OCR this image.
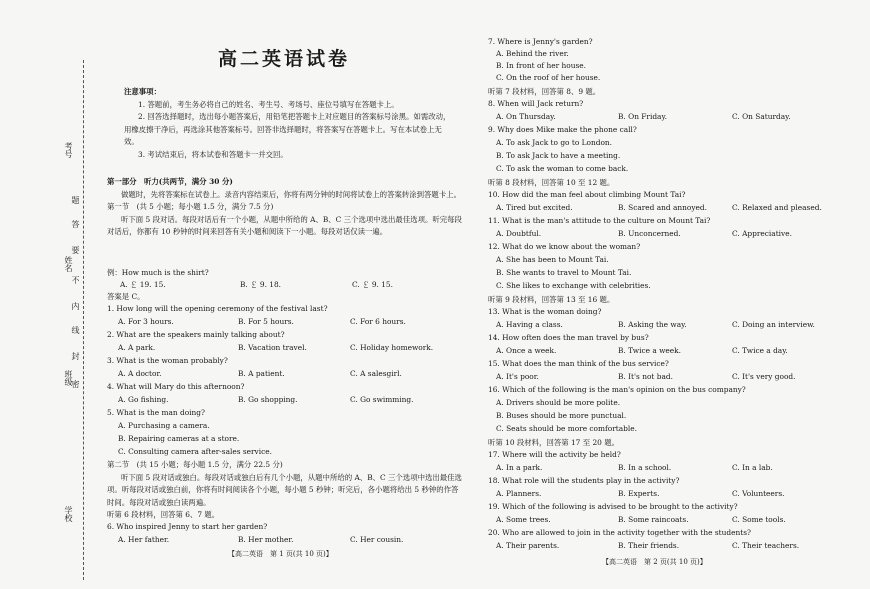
考号
姓名
班级
学校
题
答
要
不
内
线
封
密
高二英语试卷
注意事项：

1. 答题前，考生务必将自己的姓名、考生号、考场号、座位号填写在答题卡上。

2. 回答选择题时，选出每小题答案后，用铅笔把答题卡上对应题目的答案标号涂黑。如需改动，用橡皮擦干净后，再选涂其他答案标号。回答非选择题时，将答案写在答题卡上。写在本试卷上无效。

3. 考试结束后，将本试卷和答题卡一并交回。

第一部分　听力(共两节，满分 30 分)

做题时，先将答案标在试卷上。录音内容结束后，你将有两分钟的时间将试卷上的答案转涂到答题卡上。

第一节　(共 5 小题；每小题 1.5 分，满分 7.5 分)

听下面 5 段对话。每段对话后有一个小题，从题中所给的 A、B、C 三个选项中选出最佳选项。听完每段对话后，你都有 10 秒钟的时间来回答有关小题和阅读下一小题。每段对话仅读一遍。

例：How much is the shirt?
A. ￡ 19. 15.	B. ￡ 9. 18.	C. ￡ 9. 15.
答案是 C。
1. How long will the opening ceremony of the festival last?
A. For 3 hours.	B. For 5 hours.	C. For 6 hours.
2. What are the speakers mainly talking about?
A. A park.	B. Vacation travel.	C. Holiday homework.
3. What is the woman probably?
A. A doctor.	B. A patient.	C. A salesgirl.
4. What will Mary do this afternoon?
A. Go fishing.	B. Go shopping.	C. Go swimming.
5. What is the man doing?
A. Purchasing a camera.
B. Repairing cameras at a store.
C. Consulting camera after-sales service.

第二节　(共 15 小题；每小题 1.5 分，满分 22.5 分)

听下面 5 段对话或独白。每段对话或独白后有几个小题，从题中所给的 A、B、C 三个选项中选出最佳选项。听每段对话或独白前，你将有时间阅读各个小题，每小题 5 秒钟；听完后，各小题将给出 5 秒钟的作答时间。每段对话或独白读两遍。

听第 6 段材料，回答第 6、7 题。

6. Who inspired Jenny to start her garden?
A. Her father.	B. Her mother.	C. Her cousin.
【高二英语　第 1 页(共 10 页)】
7. Where is Jenny's garden?
A. Behind the river.
B. In front of her house.
C. On the roof of her house.
听第 7 段材料，回答第 8、9 题。
8. When will Jack return?
A. On Thursday.	B. On Friday.	C. On Saturday.
9. Why does Mike make the phone call?
A. To ask Jack to go to London.
B. To ask Jack to have a meeting.
C. To ask the woman to come back.
听第 8 段材料，回答第 10 至 12 题。
10. How did the man feel about climbing Mount Tai?
A. Tired but excited.	B. Scared and annoyed.	C. Relaxed and pleased.
11. What is the man's attitude to the culture on Mount Tai?
A. Doubtful.	B. Unconcerned.	C. Appreciative.
12. What do we know about the woman?
A. She has been to Mount Tai.
B. She wants to travel to Mount Tai.
C. She likes to exchange with celebrities.
听第 9 段材料，回答第 13 至 16 题。
13. What is the woman doing?
A. Having a class.	B. Asking the way.	C. Doing an interview.
14. How often does the man travel by bus?
A. Once a week.	B. Twice a week.	C. Twice a day.
15. What does the man think of the bus service?
A. It's poor.	B. It's not bad.	C. It's very good.
16. Which of the following is the man's opinion on the bus company?
A. Drivers should be more polite.
B. Buses should be more punctual.
C. Seats should be more comfortable.
听第 10 段材料，回答第 17 至 20 题。
17. Where will the activity be held?
A. In a park.	B. In a school.	C. In a lab.
18. What role will the students play in the activity?
A. Planners.	B. Experts.	C. Volunteers.
19. Which of the following is advised to be brought to the activity?
A. Some trees.	B. Some raincoats.	C. Some tools.
20. Who are allowed to join in the activity together with the students?
A. Their parents.	B. Their friends.	C. Their teachers.
【高二英语　第 2 页(共 10 页)】
